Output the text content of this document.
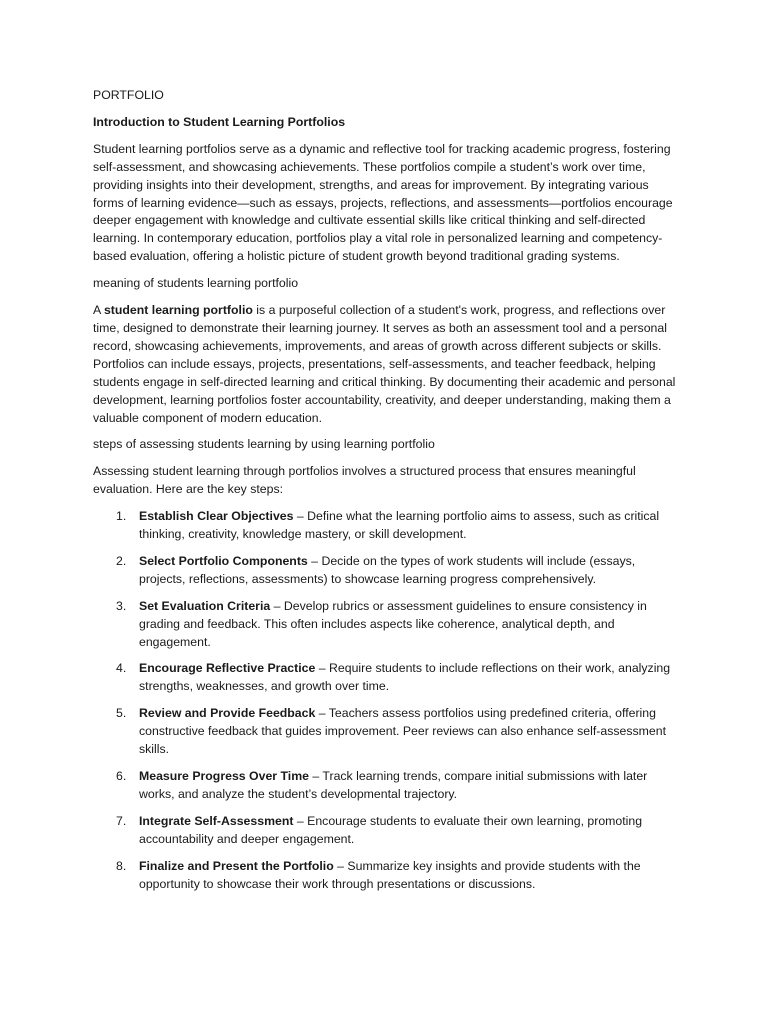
PORTFOLIO

Introduction to Student Learning Portfolios

Student learning portfolios serve as a dynamic and reflective tool for tracking academic progress, fostering self-assessment, and showcasing achievements. These portfolios compile a student’s work over time, providing insights into their development, strengths, and areas for improvement. By integrating various forms of learning evidence—such as essays, projects, reflections, and assessments—portfolios encourage deeper engagement with knowledge and cultivate essential skills like critical thinking and self-directed learning. In contemporary education, portfolios play a vital role in personalized learning and competency-based evaluation, offering a holistic picture of student growth beyond traditional grading systems.

meaning of students learning portfolio

A student learning portfolio is a purposeful collection of a student's work, progress, and reflections over time, designed to demonstrate their learning journey. It serves as both an assessment tool and a personal record, showcasing achievements, improvements, and areas of growth across different subjects or skills. Portfolios can include essays, projects, presentations, self-assessments, and teacher feedback, helping students engage in self-directed learning and critical thinking. By documenting their academic and personal development, learning portfolios foster accountability, creativity, and deeper understanding, making them a valuable component of modern education.

steps of assessing students learning by using learning portfolio

Assessing student learning through portfolios involves a structured process that ensures meaningful evaluation. Here are the key steps:

1. Establish Clear Objectives – Define what the learning portfolio aims to assess, such as critical thinking, creativity, knowledge mastery, or skill development.
2. Select Portfolio Components – Decide on the types of work students will include (essays, projects, reflections, assessments) to showcase learning progress comprehensively.
3. Set Evaluation Criteria – Develop rubrics or assessment guidelines to ensure consistency in grading and feedback. This often includes aspects like coherence, analytical depth, and engagement.
4. Encourage Reflective Practice – Require students to include reflections on their work, analyzing strengths, weaknesses, and growth over time.
5. Review and Provide Feedback – Teachers assess portfolios using predefined criteria, offering constructive feedback that guides improvement. Peer reviews can also enhance self-assessment skills.
6. Measure Progress Over Time – Track learning trends, compare initial submissions with later works, and analyze the student’s developmental trajectory.
7. Integrate Self-Assessment – Encourage students to evaluate their own learning, promoting accountability and deeper engagement.
8. Finalize and Present the Portfolio – Summarize key insights and provide students with the opportunity to showcase their work through presentations or discussions.
